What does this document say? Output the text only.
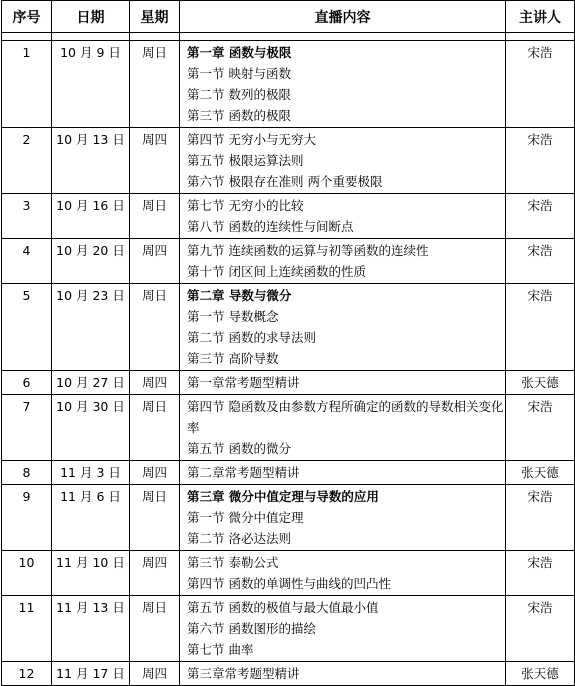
序号	日期	星期	直播内容	主讲人

1	10 月 9 日	周日	第一章 函数与极限
第一节 映射与函数
第二节 数列的极限
第三节 函数的极限	宋浩
2	10 月 13 日	周四	第四节 无穷小与无穷大
第五节 极限运算法则
第六节 极限存在准则 两个重要极限	宋浩
3	10 月 16 日	周日	第七节 无穷小的比较
第八节 函数的连续性与间断点	宋浩
4	10 月 20 日	周四	第九节 连续函数的运算与初等函数的连续性
第十节 闭区间上连续函数的性质	宋浩
5	10 月 23 日	周日	第二章 导数与微分
第一节 导数概念
第二节 函数的求导法则
第三节 高阶导数	宋浩
6	10 月 27 日	周四	第一章常考题型精讲	张天德
7	10 月 30 日	周日	第四节 隐函数及由参数方程所确定的函数的导数相关变化率
第五节 函数的微分	宋浩
8	11 月 3 日	周四	第二章常考题型精讲	张天德
9	11 月 6 日	周日	第三章 微分中值定理与导数的应用
第一节 微分中值定理
第二节 洛必达法则	宋浩
10	11 月 10 日	周四	第三节 泰勒公式
第四节 函数的单调性与曲线的凹凸性	宋浩
11	11 月 13 日	周日	第五节 函数的极值与最大值最小值
第六节 函数图形的描绘
第七节 曲率	宋浩
12	11 月 17 日	周四	第三章常考题型精讲	张天德
